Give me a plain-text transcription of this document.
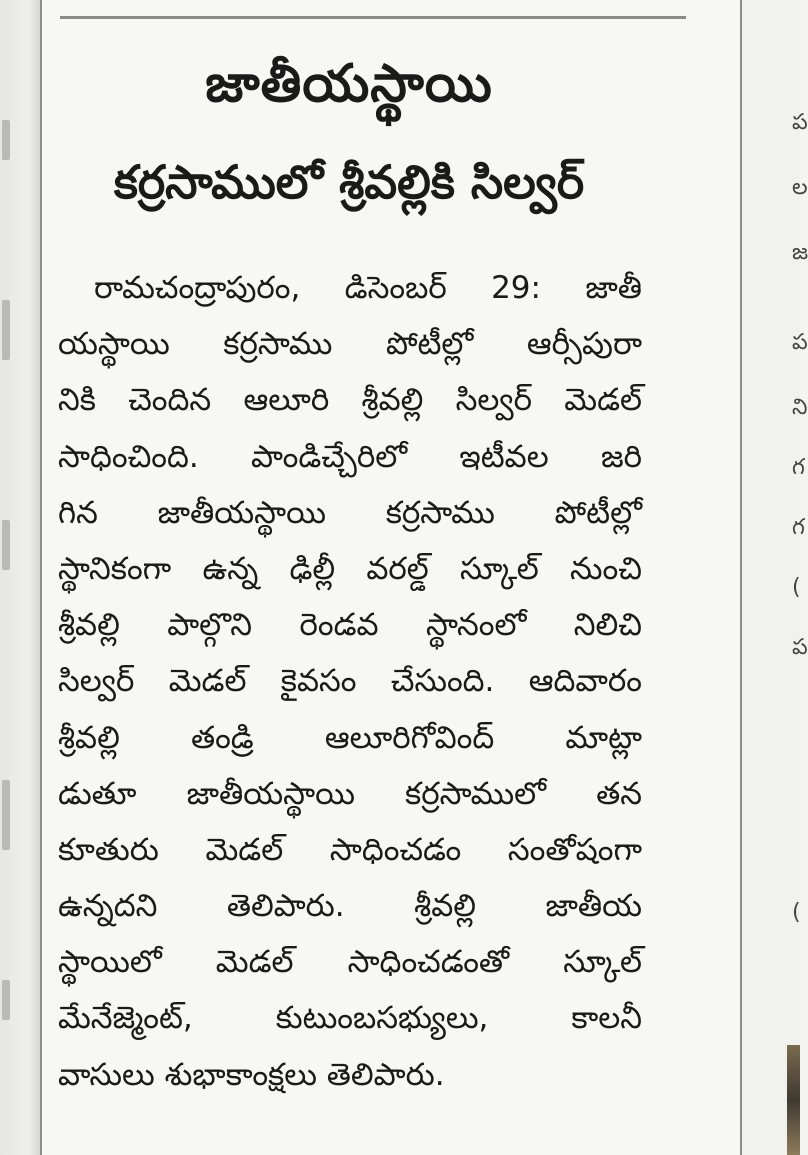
జాతీయస్థాయి
కర్రసాములో శ్రీవల్లికి సిల్వర్
రామచంద్రాపురం, డిసెంబర్ 29: జాతీ
యస్థాయి కర్రసాము పోటీల్లో ఆర్సీపురా
నికి చెందిన ఆలూరి శ్రీవల్లి సిల్వర్ మెడల్
సాధించింది. పాండిచ్చేరిలో ఇటీవల జరి
గిన జాతీయస్థాయి కర్రసాము పోటీల్లో
స్థానికంగా ఉన్న ఢిల్లీ వరల్డ్ స్కూల్ నుంచి
శ్రీవల్లి పాల్గొని రెండవ స్థానంలో నిలిచి
సిల్వర్ మెడల్ కైవసం చేసుంది. ఆదివారం
శ్రీవల్లి తండ్రి ఆలూరిగోవింద్ మాట్లా
డుతూ జాతీయస్థాయి కర్రసాములో తన
కూతురు మెడల్ సాధించడం సంతోషంగా
ఉన్నదని తెలిపారు. శ్రీవల్లి జాతీయ
స్థాయిలో మెడల్ సాధించడంతో స్కూల్
మేనేజ్మెంట్, కుటుంబసభ్యులు, కాలనీ
వాసులు శుభాకాంక్షలు తెలిపారు.
ప
ల
జ
ప
ని
గ
గ
(
(
ప
